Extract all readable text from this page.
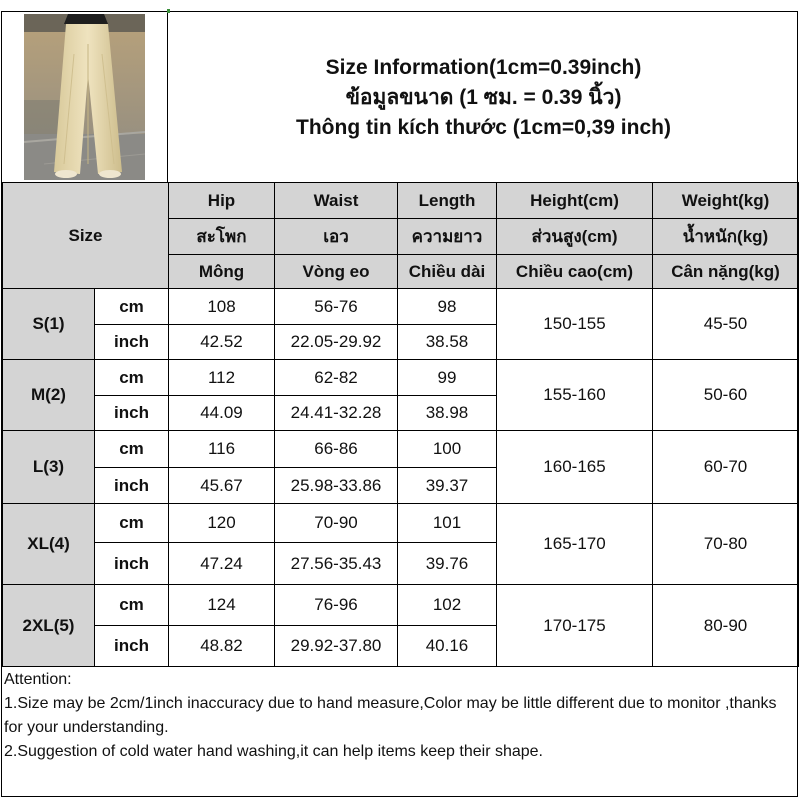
Size Information(1cm=0.39inch)
ข้อมูลขนาด (1 ซม. = 0.39 นิ้ว)
Thông tin kích thước (1cm=0,39 inch)
Size		Hip	Waist	Length	Height(cm)	Weight(kg)
		สะโพก	เอว	ความยาว	ส่วนสูง(cm)	น้ำหนัก(kg)
		Mông	Vòng eo	Chiều dài	Chiều cao(cm)	Cân nặng(kg)
S(1)	cm	108	56-76	98	150-155	45-50
	inch	42.52	22.05-29.92	38.58		
M(2)	cm	112	62-82	99	155-160	50-60
	inch	44.09	24.41-32.28	38.98		
L(3)	cm	116	66-86	100	160-165	60-70
	inch	45.67	25.98-33.86	39.37		
XL(4)	cm	120	70-90	101	165-170	70-80
	inch	47.24	27.56-35.43	39.76		
2XL(5)	cm	124	76-96	102	170-175	80-90
	inch	48.82	29.92-37.80	40.16		
Attention:
1.Size may be 2cm/1inch inaccuracy due to hand measure,Color may be little different due to monitor ,thanks for your understanding.
2.Suggestion of cold water hand washing,it can help items keep their shape.
